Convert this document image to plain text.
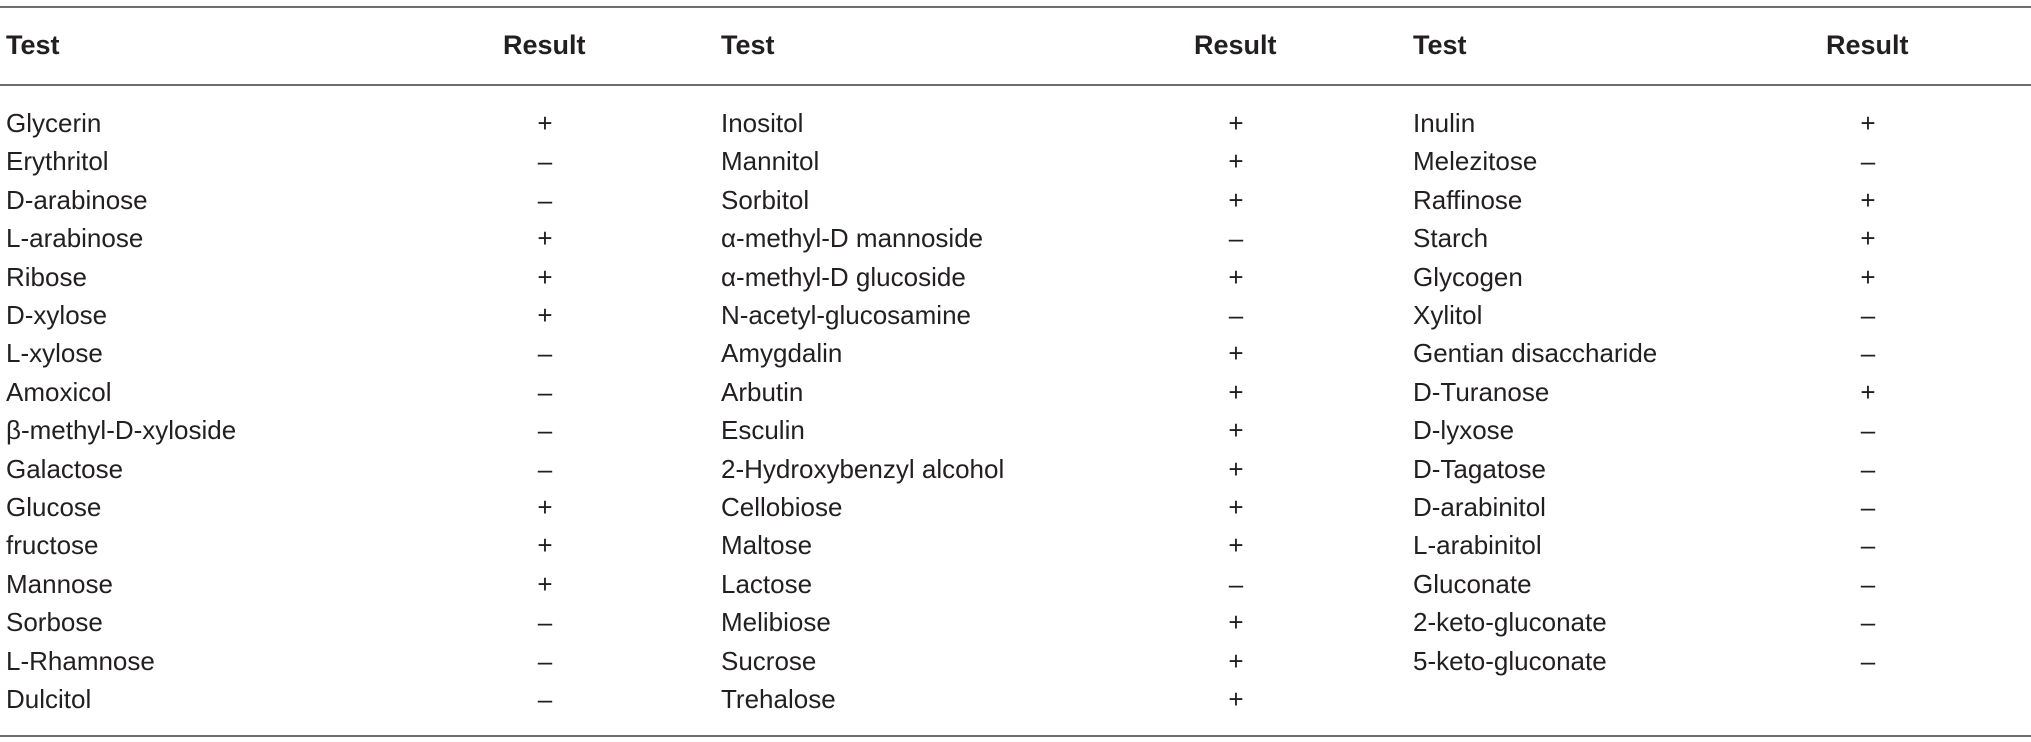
Test	Result	Test	Result	Test	Result
Glycerin	+	Inositol	+	Inulin	+
Erythritol	–	Mannitol	+	Melezitose	–
D-arabinose	–	Sorbitol	+	Raffinose	+
L-arabinose	+	α-methyl-D mannoside	–	Starch	+
Ribose	+	α-methyl-D glucoside	+	Glycogen	+
D-xylose	+	N-acetyl-glucosamine	–	Xylitol	–
L-xylose	–	Amygdalin	+	Gentian disaccharide	–
Amoxicol	–	Arbutin	+	D-Turanose	+
β-methyl-D-xyloside	–	Esculin	+	D-lyxose	–
Galactose	–	2-Hydroxybenzyl alcohol	+	D-Tagatose	–
Glucose	+	Cellobiose	+	D-arabinitol	–
fructose	+	Maltose	+	L-arabinitol	–
Mannose	+	Lactose	–	Gluconate	–
Sorbose	–	Melibiose	+	2-keto-gluconate	–
L-Rhamnose	–	Sucrose	+	5-keto-gluconate	–
Dulcitol	–	Trehalose	+
